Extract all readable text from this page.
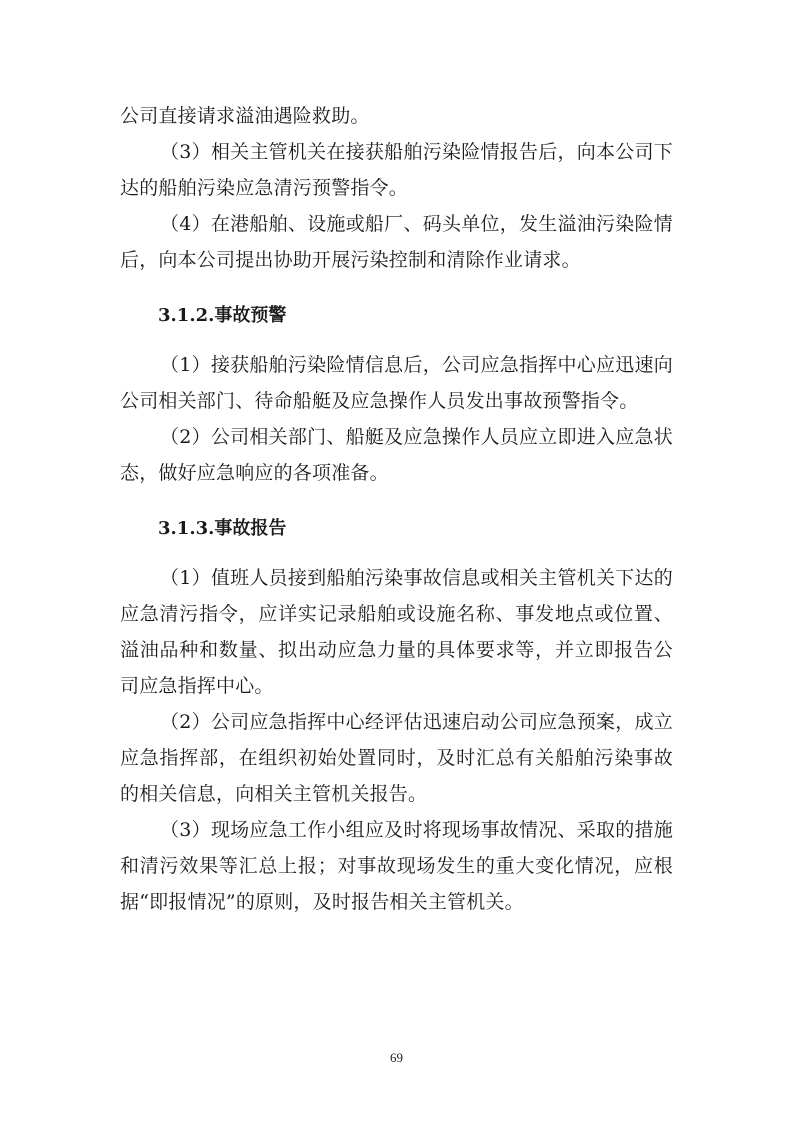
公司直接请求溢油遇险救助。

（3）相关主管机关在接获船舶污染险情报告后，向本公司下达的船舶污染应急清污预警指令。

（4）在港船舶、设施或船厂、码头单位，发生溢油污染险情后，向本公司提出协助开展污染控制和清除作业请求。

3.1.2.事故预警

（1）接获船舶污染险情信息后，公司应急指挥中心应迅速向公司相关部门、待命船艇及应急操作人员发出事故预警指令。

（2）公司相关部门、船艇及应急操作人员应立即进入应急状态，做好应急响应的各项准备。

3.1.3.事故报告

（1）值班人员接到船舶污染事故信息或相关主管机关下达的应急清污指令，应详实记录船舶或设施名称、事发地点或位置、溢油品种和数量、拟出动应急力量的具体要求等，并立即报告公司应急指挥中心。

（2）公司应急指挥中心经评估迅速启动公司应急预案，成立应急指挥部，在组织初始处置同时，及时汇总有关船舶污染事故的相关信息，向相关主管机关报告。

（3）现场应急工作小组应及时将现场事故情况、采取的措施和清污效果等汇总上报；对事故现场发生的重大变化情况，应根据“即报情况”的原则，及时报告相关主管机关。

69
